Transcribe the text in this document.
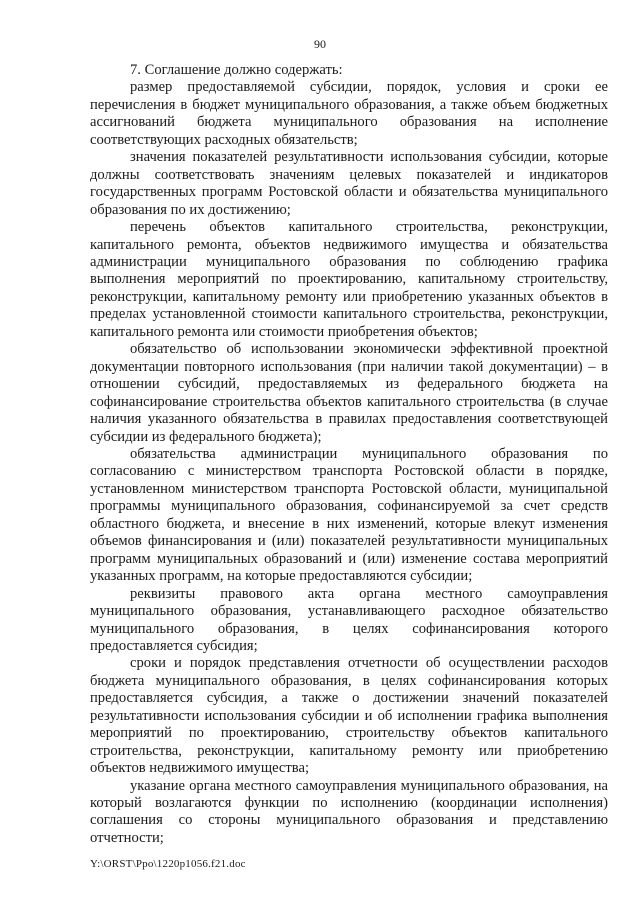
90

7. Соглашение должно содержать:

размер предоставляемой субсидии, порядок, условия и сроки ее перечисления в бюджет муниципального образования, а также объем бюджетных ассигнований бюджета муниципального образования на исполнение соответствующих расходных обязательств;

значения показателей результативности использования субсидии, которые должны соответствовать значениям целевых показателей и индикаторов государственных программ Ростовской области и обязательства муниципального образования по их достижению;

перечень объектов капитального строительства, реконструкции, капитального ремонта, объектов недвижимого имущества и обязательства администрации муниципального образования по соблюдению графика выполнения мероприятий по проектированию, капитальному строительству, реконструкции, капитальному ремонту или приобретению указанных объектов в пределах установленной стоимости капитального строительства, реконструкции, капитального ремонта или стоимости приобретения объектов;

обязательство об использовании экономически эффективной проектной документации повторного использования (при наличии такой документации) – в отношении субсидий, предоставляемых из федерального бюджета на софинансирование строительства объектов капитального строительства (в случае наличия указанного обязательства в правилах предоставления соответствующей субсидии из федерального бюджета);

обязательства администрации муниципального образования по согласованию с министерством транспорта Ростовской области в порядке, установленном министерством транспорта Ростовской области, муниципальной программы муниципального образования, софинансируемой за счет средств областного бюджета, и внесение в них изменений, которые влекут изменения объемов финансирования и (или) показателей результативности муниципальных программ муниципальных образований и (или) изменение состава мероприятий указанных программ, на которые предоставляются субсидии;

реквизиты правового акта органа местного самоуправления муниципального образования, устанавливающего расходное обязательство муниципального образования, в целях софинансирования которого предоставляется субсидия;

сроки и порядок представления отчетности об осуществлении расходов бюджета муниципального образования, в целях софинансирования которых предоставляется субсидия, а также о достижении значений показателей результативности использования субсидии и об исполнении графика выполнения мероприятий по проектированию, строительству объектов капитального строительства, реконструкции, капитальному ремонту или приобретению объектов недвижимого имущества;

указание органа местного самоуправления муниципального образования, на который возлагаются функции по исполнению (координации исполнения) соглашения со стороны муниципального образования и представлению отчетности;

Y:\ORST\Ppo\1220p1056.f21.doc
